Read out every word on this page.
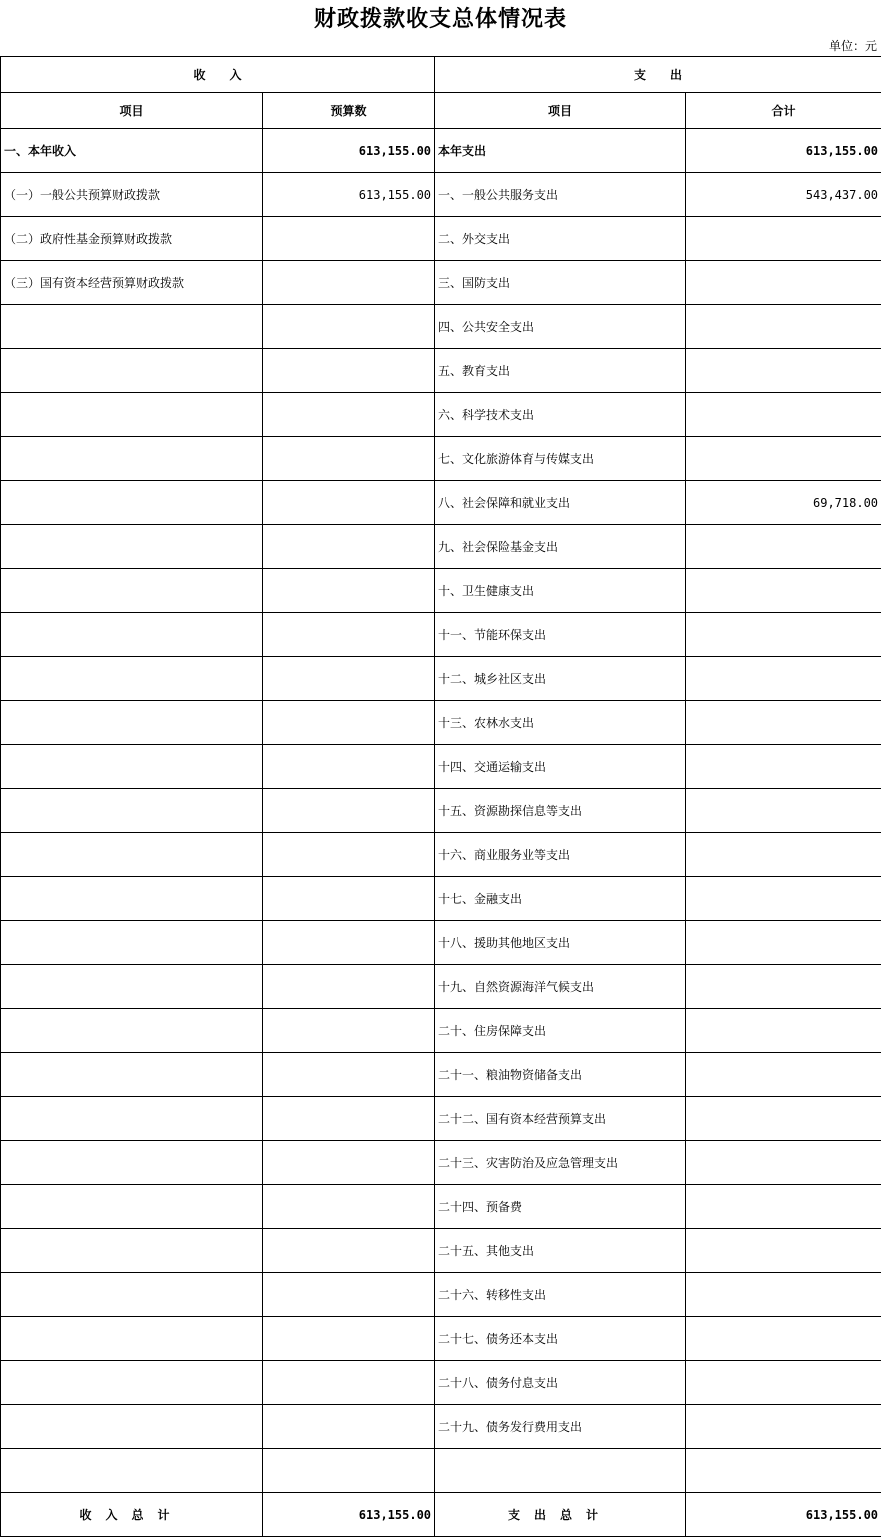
财政拨款收支总体情况表
单位：元
收　　入		支　　出	
项目	预算数	项目	合计
一、本年收入	613,155.00	本年支出	613,155.00
（一）一般公共预算财政拨款	613,155.00	一、一般公共服务支出	543,437.00
（二）政府性基金预算财政拨款		二、外交支出	
（三）国有资本经营预算财政拨款		三、国防支出	
		四、公共安全支出	
		五、教育支出	
		六、科学技术支出	
		七、文化旅游体育与传媒支出	
		八、社会保障和就业支出	69,718.00
		九、社会保险基金支出	
		十、卫生健康支出	
		十一、节能环保支出	
		十二、城乡社区支出	
		十三、农林水支出	
		十四、交通运输支出	
		十五、资源勘探信息等支出	
		十六、商业服务业等支出	
		十七、金融支出	
		十八、援助其他地区支出	
		十九、自然资源海洋气候支出	
		二十、住房保障支出	
		二十一、粮油物资储备支出	
		二十二、国有资本经营预算支出	
		二十三、灾害防治及应急管理支出	
		二十四、预备费	
		二十五、其他支出	
		二十六、转移性支出	
		二十七、债务还本支出	
		二十八、债务付息支出	
		二十九、债务发行费用支出	

收入总计	613,155.00	支出总计	613,155.00
